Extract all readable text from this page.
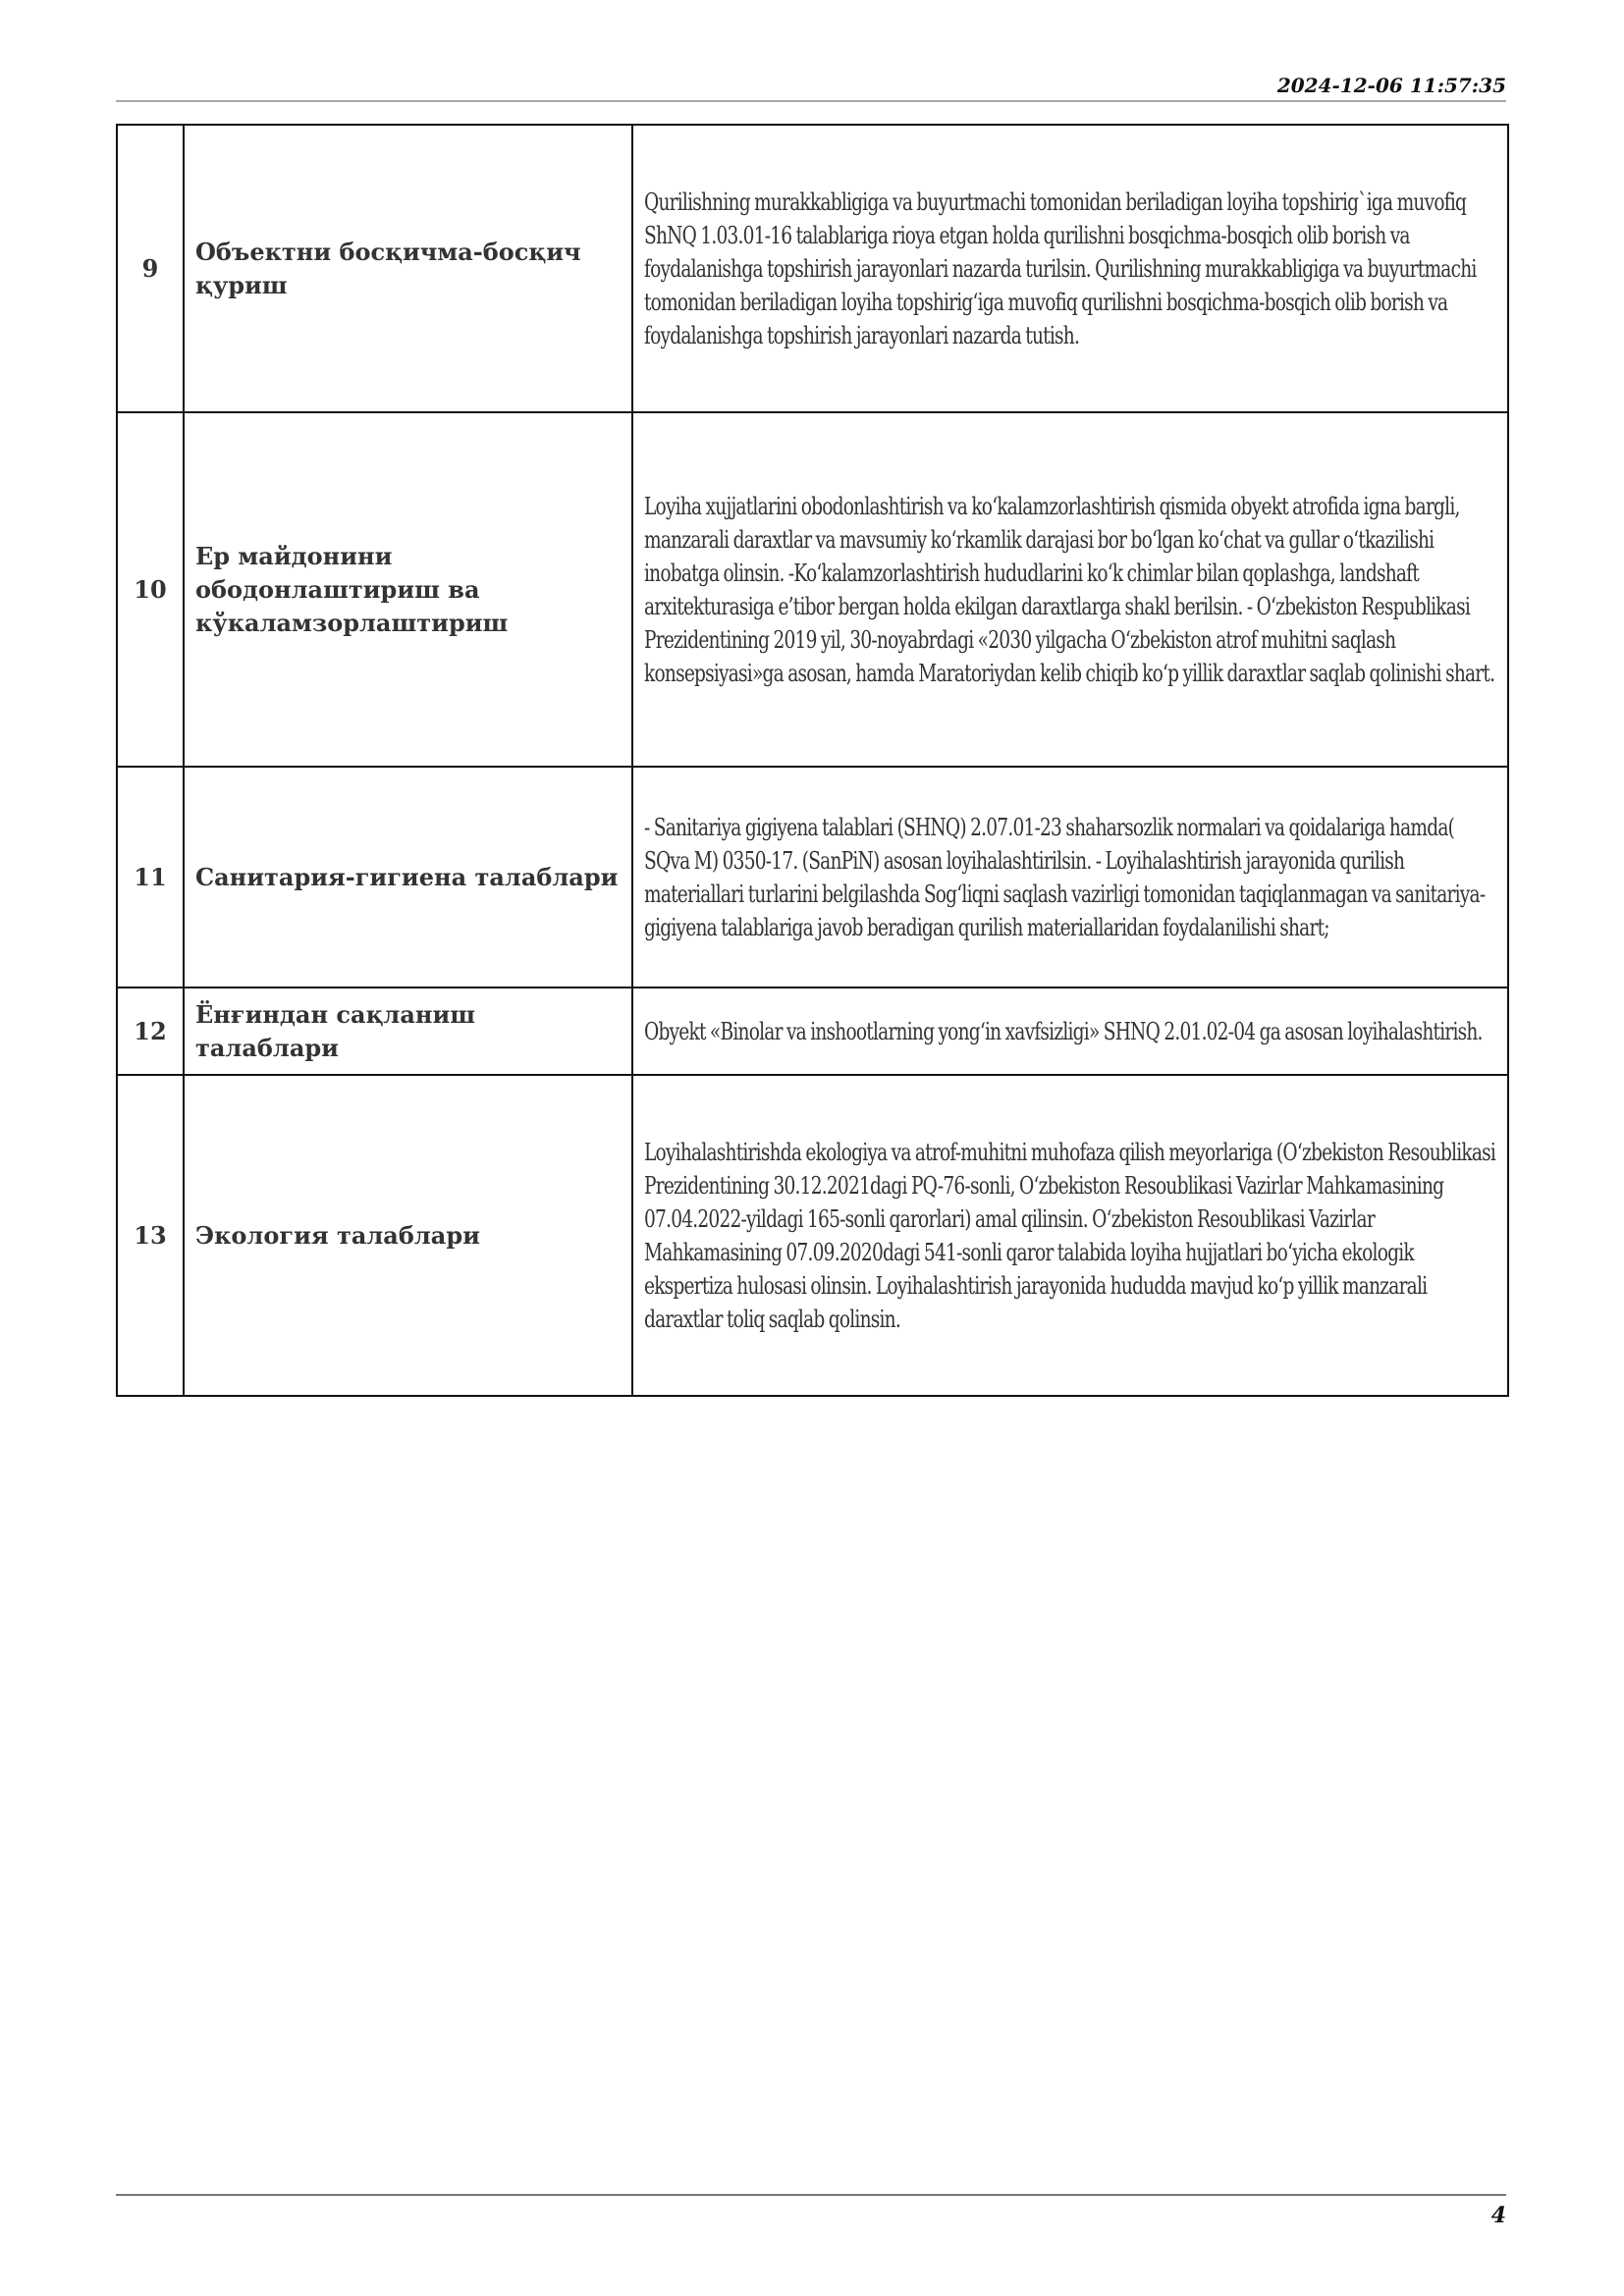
2024-12-06 11:57:35
9	Объектни босқичма-босқич қуриш	Qurilishning murakkabligiga va buyurtmachi tomonidan beriladigan loyiha topshirig`iga muvofiq ShNQ 1.03.01-16 talablariga rioya etgan holda qurilishni bosqichma-bosqich olib borish va foydalanishga topshirish jarayonlari nazarda turilsin. Qurilishning murakkabligiga va buyurtmachi tomonidan beriladigan loyiha topshirig‘iga muvofiq qurilishni bosqichma-bosqich olib borish va foydalanishga topshirish jarayonlari nazarda tutish.

10	Ер майдонини ободонлаштириш ва кўкаламзорлаштириш	Loyiha xujjatlarini obodonlashtirish va ko‘kalamzorlashtirish qismida obyekt atrofida igna bargli, manzarali daraxtlar va mavsumiy ko‘rkamlik darajasi bor bo‘lgan ko‘chat va gullar o‘tkazilishi inobatga olinsin. -Ko‘kalamzorlashtirish hududlarini ko‘k chimlar bilan qoplashga, landshaft arxitekturasiga e’tibor bergan holda ekilgan daraxtlarga shakl berilsin. - O‘zbekiston Respublikasi Prezidentining 2019 yil, 30-noyabrdagi «2030 yilgacha O‘zbekiston atrof muhitni saqlash konsepsiyasi»ga asosan, hamda Maratoriydan kelib chiqib ko‘p yillik daraxtlar saqlab qolinishi shart.

11	Санитария-гигиена талаблари	- Sanitariya gigiyena talablari (SHNQ) 2.07.01-23 shaharsozlik normalari va qoidalariga hamda( SQva M) 0350-17. (SanPiN) asosan loyihalashtirilsin. - Loyihalashtirish jarayonida qurilish materiallari turlarini belgilashda Sog‘liqni saqlash vazirligi tomonidan taqiqlanmagan va sanitariya-gigiyena talablariga javob beradigan qurilish materiallaridan foydalanilishi shart;

12	Ёнғиндан сақланиш талаблари	Obyekt «Binolar va inshootlarning yong‘in xavfsizligi» SHNQ 2.01.02-04 ga asosan loyihalashtirish.

13	Экология талаблари	Loyihalashtirishda ekologiya va atrof-muhitni muhofaza qilish meyorlariga (O‘zbekiston Resoublikasi Prezidentining 30.12.2021dagi PQ-76-sonli, O‘zbekiston Resoublikasi Vazirlar Mahkamasining 07.04.2022-yildagi 165-sonli qarorlari) amal qilinsin. O‘zbekiston Resoublikasi Vazirlar Mahkamasining 07.09.2020dagi 541-sonli qaror talabida loyiha hujjatlari bo‘yicha ekologik ekspertiza hulosasi olinsin. Loyihalashtirish jarayonida hududda mavjud ko‘p yillik manzarali daraxtlar toliq saqlab qolinsin.
4
